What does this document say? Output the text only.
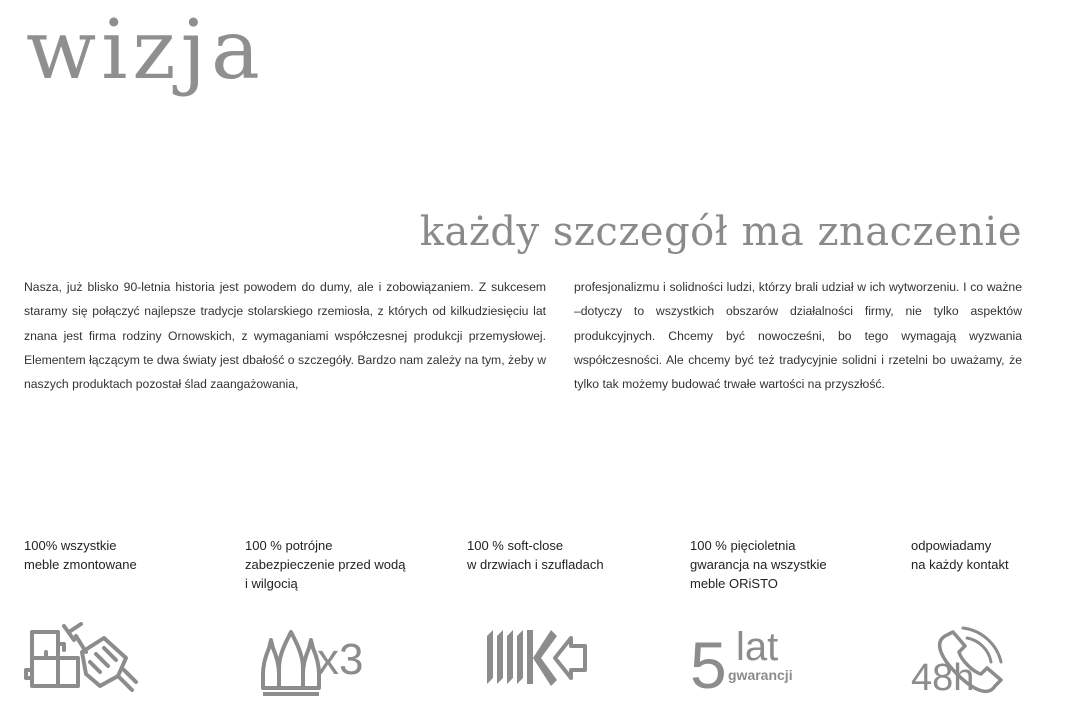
wizja
każdy szczegół ma znaczenie
Nasza, już blisko 90-letnia historia jest powodem do dumy, ale i zobowiązaniem. Z sukcesem staramy się połączyć najlepsze tradycje stolarskiego rzemiosła, z których od kilkudziesięciu lat znana jest firma rodziny Ornowskich, z wymaganiami współczesnej produkcji przemysłowej. Elementem łączącym te dwa światy jest dbałość o szczegóły. Bardzo nam zależy na tym, żeby w naszych produktach pozostał ślad zaangażowania,
profesjonalizmu i solidności ludzi, którzy brali udział w ich wytworzeniu. I co ważne –dotyczy to wszystkich obszarów działalności firmy, nie tylko aspektów produkcyjnych. Chcemy być nowocześni, bo tego wymagają wyzwania współczesności. Ale chcemy być też tradycyjnie solidni i rzetelni bo uważamy, że tylko tak możemy budować trwałe wartości na przyszłość.
100% wszystkie
meble zmontowane
100 % potrójne
zabezpieczenie przed wodą
i wilgocią
x3
100 % soft-close
w drzwiach i szufladach
100 % pięcioletnia
gwarancja na wszystkie
meble ORiSTO
5 lat
gwarancji
odpowiadamy
na każdy kontakt
48h
